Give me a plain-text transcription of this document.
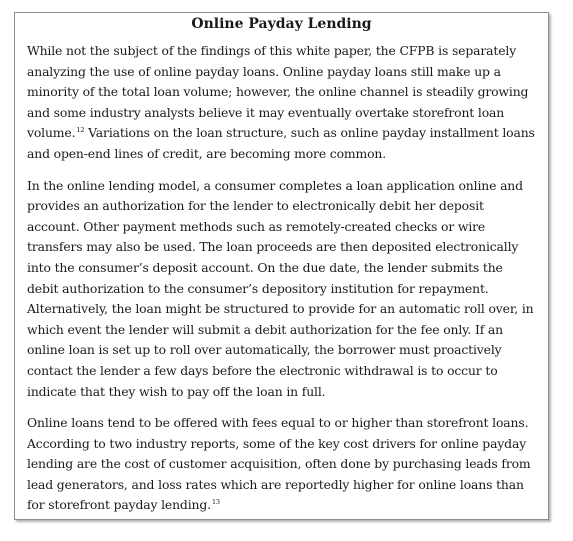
Online Payday Lending

While not the subject of the findings of this white paper, the CFPB is separately analyzing the use of online payday loans. Online payday loans still make up a minority of the total loan volume; however, the online channel is steadily growing and some industry analysts believe it may eventually overtake storefront loan volume.$^{12}$ Variations on the loan structure, such as online payday installment loans and open-end lines of credit, are becoming more common.

In the online lending model, a consumer completes a loan application online and provides an authorization for the lender to electronically debit her deposit account. Other payment methods such as remotely-created checks or wire transfers may also be used. The loan proceeds are then deposited electronically into the consumer’s deposit account. On the due date, the lender submits the debit authorization to the consumer’s depository institution for repayment. Alternatively, the loan might be structured to provide for an automatic roll over, in which event the lender will submit a debit authorization for the fee only. If an online loan is set up to roll over automatically, the borrower must proactively contact the lender a few days before the electronic withdrawal is to occur to indicate that they wish to pay off the loan in full.

Online loans tend to be offered with fees equal to or higher than storefront loans. According to two industry reports, some of the key cost drivers for online payday lending are the cost of customer acquisition, often done by purchasing leads from lead generators, and loss rates which are reportedly higher for online loans than for storefront payday lending.$^{13}$
